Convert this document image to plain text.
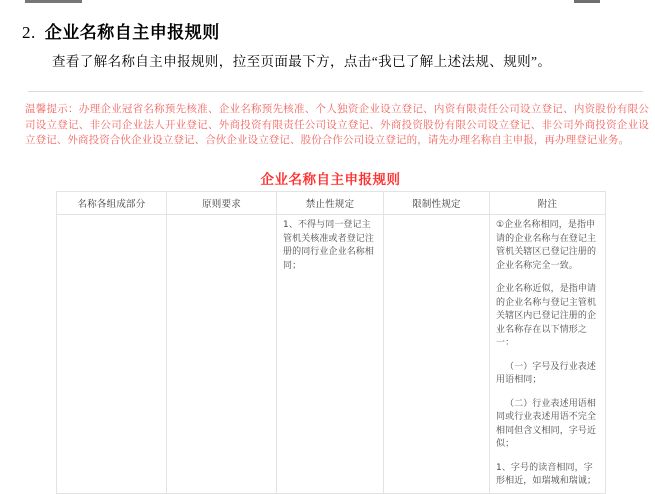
2. 企业名称自主申报规则
查看了解名称自主申报规则，拉至页面最下方，点击“我已了解上述法规、规则”。
温馨提示：办理企业冠省名称预先核准、企业名称预先核准、个人独资企业设立登记、内资有限责任公司设立登记、内资股份有限公司设立登记、非公司企业法人开业登记、外商投资有限责任公司设立登记、外商投资股份有限公司设立登记、非公司外商投资企业设立登记、外商投资合伙企业设立登记、合伙企业设立登记、股份合作公司设立登记的，请先办理名称自主申报，再办理登记业务。
企业名称自主申报规则
名称各组成部分	原则要求	禁止性规定	限制性规定	附注
		1、不得与同一登记主管机关核准或者登记注册的同行业企业名称相同；		①企业名称相同，是指申请的企业名称与在登记主管机关辖区已登记注册的企业名称完全一致。

企业名称近似，是指申请的企业名称与登记主管机关辖区内已登记注册的企业名称存在以下情形之一：

（一）字号及行业表述用语相同；

（二）行业表述用语相同或行业表述用语不完全相同但含义相同，字号近似；

1、字号的读音相同，字形相近，如瑞城和瑞诚；
